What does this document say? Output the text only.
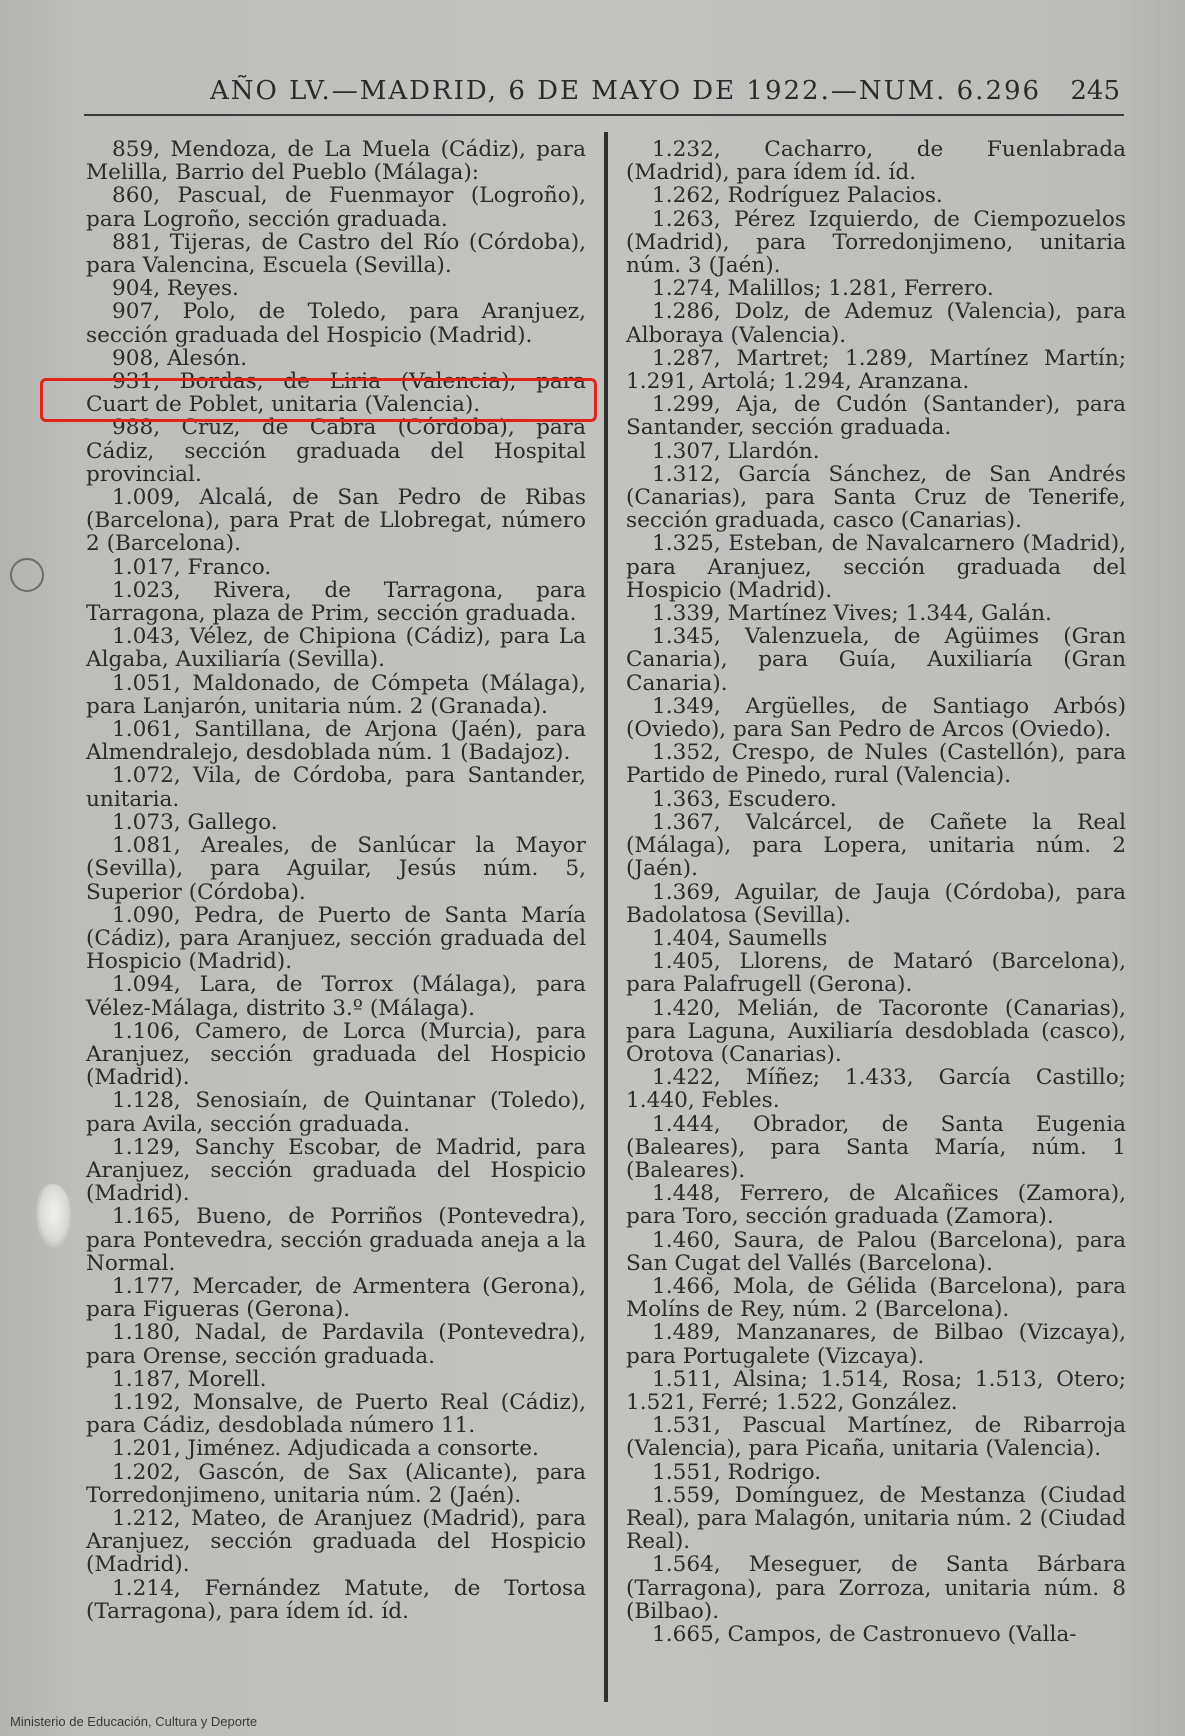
AÑO LV.—MADRID, 6 DE MAYO DE 1922.—NUM. 6.296 245

859, Mendoza, de La Muela (Cádiz), para Melilla, Barrio del Pueblo (Málaga):

860, Pascual, de Fuenmayor (Logroño), para Logroño, sección graduada.

881, Tijeras, de Castro del Río (Córdoba), para Valencina, Escuela (Sevilla).

904, Reyes.

907, Polo, de Toledo, para Aranjuez, sección graduada del Hospicio (Madrid).

908, Alesón.

931, Bordas, de Liria (Valencia), para Cuart de Poblet, unitaria (Valencia).

988, Cruz, de Cabra (Córdoba), para Cádiz, sección graduada del Hospital provincial.

1.009, Alcalá, de San Pedro de Ribas (Barcelona), para Prat de Llobregat, número 2 (Barcelona).

1.017, Franco.

1.023, Rivera, de Tarragona, para Tarragona, plaza de Prim, sección graduada.

1.043, Vélez, de Chipiona (Cádiz), para La Algaba, Auxiliaría (Sevilla).

1.051, Maldonado, de Cómpeta (Málaga), para Lanjarón, unitaria núm. 2 (Granada).

1.061, Santillana, de Arjona (Jaén), para Almendralejo, desdoblada núm. 1 (Badajoz).

1.072, Vila, de Córdoba, para Santander, unitaria.

1.073, Gallego.

1.081, Areales, de Sanlúcar la Mayor (Sevilla), para Aguilar, Jesús núm. 5, Superior (Córdoba).

1.090, Pedra, de Puerto de Santa María (Cádiz), para Aranjuez, sección graduada del Hospicio (Madrid).

1.094, Lara, de Torrox (Málaga), para Vélez-Málaga, distrito 3.º (Málaga).

1.106, Camero, de Lorca (Murcia), para Aranjuez, sección graduada del Hospicio (Madrid).

1.128, Senosiaín, de Quintanar (Toledo), para Avila, sección graduada.

1.129, Sanchy Escobar, de Madrid, para Aranjuez, sección graduada del Hospicio (Madrid).

1.165, Bueno, de Porriños (Pontevedra), para Pontevedra, sección graduada aneja a la Normal.

1.177, Mercader, de Armentera (Gerona), para Figueras (Gerona).

1.180, Nadal, de Pardavila (Pontevedra), para Orense, sección graduada.

1.187, Morell.

1.192, Monsalve, de Puerto Real (Cádiz), para Cádiz, desdoblada número 11.

1.201, Jiménez. Adjudicada a consorte.

1.202, Gascón, de Sax (Alicante), para Torredonjimeno, unitaria núm. 2 (Jaén).

1.212, Mateo, de Aranjuez (Madrid), para Aranjuez, sección graduada del Hospicio (Madrid).

1.214, Fernández Matute, de Tortosa (Tarragona), para ídem íd. íd.

1.232, Cacharro, de Fuenlabrada (Madrid), para ídem íd. íd.

1.262, Rodríguez Palacios.

1.263, Pérez Izquierdo, de Ciempozuelos (Madrid), para Torredonjimeno, unitaria núm. 3 (Jaén).

1.274, Malillos; 1.281, Ferrero.

1.286, Dolz, de Ademuz (Valencia), para Alboraya (Valencia).

1.287, Martret; 1.289, Martínez Martín; 1.291, Artolá; 1.294, Aranzana.

1.299, Aja, de Cudón (Santander), para Santander, sección graduada.

1.307, Llardón.

1.312, García Sánchez, de San Andrés (Canarias), para Santa Cruz de Tenerife, sección graduada, casco (Canarias).

1.325, Esteban, de Navalcarnero (Madrid), para Aranjuez, sección graduada del Hospicio (Madrid).

1.339, Martínez Vives; 1.344, Galán.

1.345, Valenzuela, de Agüimes (Gran Canaria), para Guía, Auxiliaría (Gran Canaria).

1.349, Argüelles, de Santiago Arbós) (Oviedo), para San Pedro de Arcos (Oviedo).

1.352, Crespo, de Nules (Castellón), para Partido de Pinedo, rural (Valencia).

1.363, Escudero.

1.367, Valcárcel, de Cañete la Real (Málaga), para Lopera, unitaria núm. 2 (Jaén).

1.369, Aguilar, de Jauja (Córdoba), para Badolatosa (Sevilla).

1.404, Saumells

1.405, Llorens, de Mataró (Barcelona), para Palafrugell (Gerona).

1.420, Melián, de Tacoronte (Canarias), para Laguna, Auxiliaría desdoblada (casco), Orotova (Canarias).

1.422, Míñez; 1.433, García Castillo; 1.440, Febles.

1.444, Obrador, de Santa Eugenia (Baleares), para Santa María, núm. 1 (Baleares).

1.448, Ferrero, de Alcañices (Zamora), para Toro, sección graduada (Zamora).

1.460, Saura, de Palou (Barcelona), para San Cugat del Vallés (Barcelona).

1.466, Mola, de Gélida (Barcelona), para Molíns de Rey, núm. 2 (Barcelona).

1.489, Manzanares, de Bilbao (Vizcaya), para Portugalete (Vizcaya).

1.511, Alsina; 1.514, Rosa; 1.513, Otero; 1.521, Ferré; 1.522, González.

1.531, Pascual Martínez, de Ribarroja (Valencia), para Picaña, unitaria (Valencia).

1.551, Rodrigo.

1.559, Domínguez, de Mestanza (Ciudad Real), para Malagón, unitaria núm. 2 (Ciudad Real).

1.564, Meseguer, de Santa Bárbara (Tarragona), para Zorroza, unitaria núm. 8 (Bilbao).

1.665, Campos, de Castronuevo (Valla-

Ministerio de Educación, Cultura y Deporte
